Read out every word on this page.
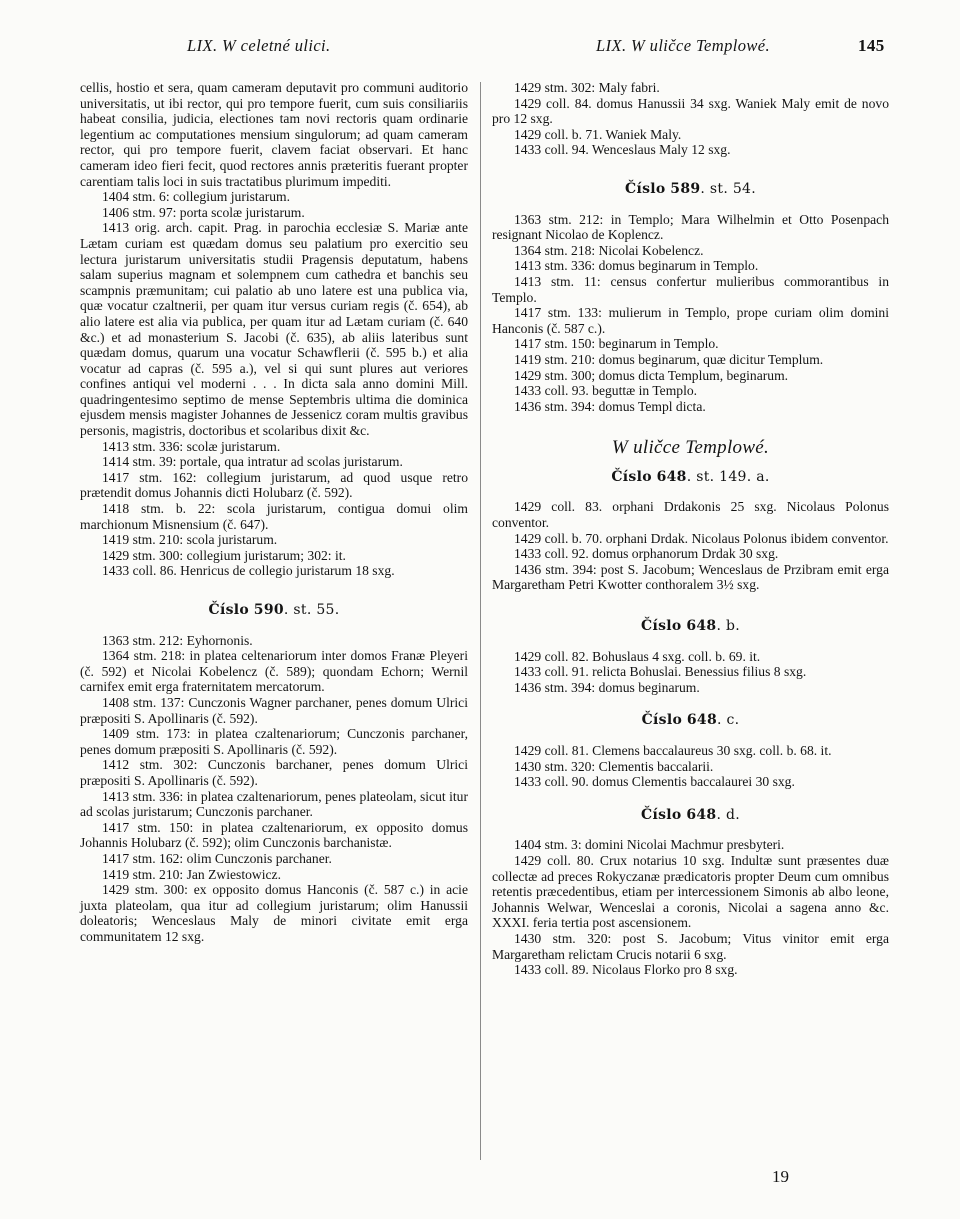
LIX. W celetné ulici.	LIX. W uličce Templowé.	145

cellis, hostio et sera, quam cameram deputavit pro communi auditorio universitatis, ut ibi rector, qui pro tempore fuerit, cum suis consiliariis habeat consilia, judicia, electiones tam novi rectoris quam ordinarie legentium ac computationes mensium singulorum; ad quam cameram rector, qui pro tempore fuerit, clavem faciat observari. Et hanc cameram ideo fieri fecit, quod rectores annis præteritis fuerant propter carentiam talis loci in suis tractatibus plurimum impediti.

1404 stm. 6: collegium juristarum.

1406 stm. 97: porta scolæ juristarum.

1413 orig. arch. capit. Prag. in parochia ecclesiæ S. Mariæ ante Lætam curiam est quædam domus seu palatium pro exercitio seu lectura juristarum universitatis studii Pragensis deputatum, habens salam superius magnam et solempnem cum cathedra et banchis seu scampnis præmunitam; cui palatio ab uno latere est una publica via, quæ vocatur czaltnerii, per quam itur versus curiam regis (č. 654), ab alio latere est alia via publica, per quam itur ad Lætam curiam (č. 640 &c.) et ad monasterium S. Jacobi (č. 635), ab aliis lateribus sunt quædam domus, quarum una vocatur Schawflerii (č. 595 b.) et alia vocatur ad capras (č. 595 a.), vel si qui sunt plures aut veriores confines antiqui vel moderni . . . In dicta sala anno domini Mill. quadringentesimo septimo de mense Septembris ultima die dominica ejusdem mensis magister Johannes de Jessenicz coram multis gravibus personis, magistris, doctoribus et scolaribus dixit &c.

1413 stm. 336: scolæ juristarum.

1414 stm. 39: portale, qua intratur ad scolas juristarum.

1417 stm. 162: collegium juristarum, ad quod usque retro prætendit domus Johannis dicti Holubarz (č. 592).

1418 stm. b. 22: scola juristarum, contigua domui olim marchionum Misnensium (č. 647).

1419 stm. 210: scola juristarum.

1429 stm. 300: collegium juristarum; 302: it.

1433 coll. 86. Henricus de collegio juristarum 18 sxg.

Číslo 590. st. 55.

1363 stm. 212: Eyhornonis.

1364 stm. 218: in platea celtenariorum inter domos Franæ Pleyeri (č. 592) et Nicolai Kobelencz (č. 589); quondam Echorn; Wernil carnifex emit erga fraternitatem mercatorum.

1408 stm. 137: Cunczonis Wagner parchaner, penes domum Ulrici præpositi S. Apollinaris (č. 592).

1409 stm. 173: in platea czaltenariorum; Cunczonis parchaner, penes domum præpositi S. Apollinaris (č. 592).

1412 stm. 302: Cunczonis barchaner, penes domum Ulrici præpositi S. Apollinaris (č. 592).

1413 stm. 336: in platea czaltenariorum, penes plateolam, sicut itur ad scolas juristarum; Cunczonis parchaner.

1417 stm. 150: in platea czaltenariorum, ex opposito domus Johannis Holubarz (č. 592); olim Cunczonis barchanistæ.

1417 stm. 162: olim Cunczonis parchaner.

1419 stm. 210: Jan Zwiestowicz.

1429 stm. 300: ex opposito domus Hanconis (č. 587 c.) in acie juxta plateolam, qua itur ad collegium juristarum; olim Hanussii doleatoris; Wenceslaus Maly de minori civitate emit erga communitatem 12 sxg.

1429 stm. 302: Maly fabri.

1429 coll. 84. domus Hanussii 34 sxg. Waniek Maly emit de novo pro 12 sxg.

1429 coll. b. 71. Waniek Maly.

1433 coll. 94. Wenceslaus Maly 12 sxg.

Číslo 589. st. 54.

1363 stm. 212: in Templo; Mara Wilhelmin et Otto Posenpach resignant Nicolao de Koplencz.

1364 stm. 218: Nicolai Kobelencz.

1413 stm. 336: domus beginarum in Templo.

1413 stm. 11: census confertur mulieribus commorantibus in Templo.

1417 stm. 133: mulierum in Templo, prope curiam olim domini Hanconis (č. 587 c.).

1417 stm. 150: beginarum in Templo.

1419 stm. 210: domus beginarum, quæ dicitur Templum.

1429 stm. 300; domus dicta Templum, beginarum.

1433 coll. 93. beguttæ in Templo.

1436 stm. 394: domus Templ dicta.

W uličce Templowé.
Číslo 648. st. 149. a.

1429 coll. 83. orphani Drdakonis 25 sxg. Nicolaus Polonus conventor.

1429 coll. b. 70. orphani Drdak. Nicolaus Polonus ibidem conventor.

1433 coll. 92. domus orphanorum Drdak 30 sxg.

1436 stm. 394: post S. Jacobum; Wenceslaus de Przibram emit erga Margaretham Petri Kwotter conthoralem 3½ sxg.

Číslo 648. b.

1429 coll. 82. Bohuslaus 4 sxg. coll. b. 69. it.

1433 coll. 91. relicta Bohuslai. Benessius filius 8 sxg.

1436 stm. 394: domus beginarum.

Číslo 648. c.

1429 coll. 81. Clemens baccalaureus 30 sxg. coll. b. 68. it.

1430 stm. 320: Clementis baccalarii.

1433 coll. 90. domus Clementis baccalaurei 30 sxg.

Číslo 648. d.

1404 stm. 3: domini Nicolai Machmur presbyteri.

1429 coll. 80. Crux notarius 10 sxg. Indultæ sunt præsentes duæ collectæ ad preces Rokyczanæ prædicatoris propter Deum cum omnibus retentis præcedentibus, etiam per intercessionem Simonis ab albo leone, Johannis Welwar, Wenceslai a coronis, Nicolai a sagena anno &c. XXXI. feria tertia post ascensionem.

1430 stm. 320: post S. Jacobum; Vitus vinitor emit erga Margaretham relictam Crucis notarii 6 sxg.

1433 coll. 89. Nicolaus Florko pro 8 sxg.

19
